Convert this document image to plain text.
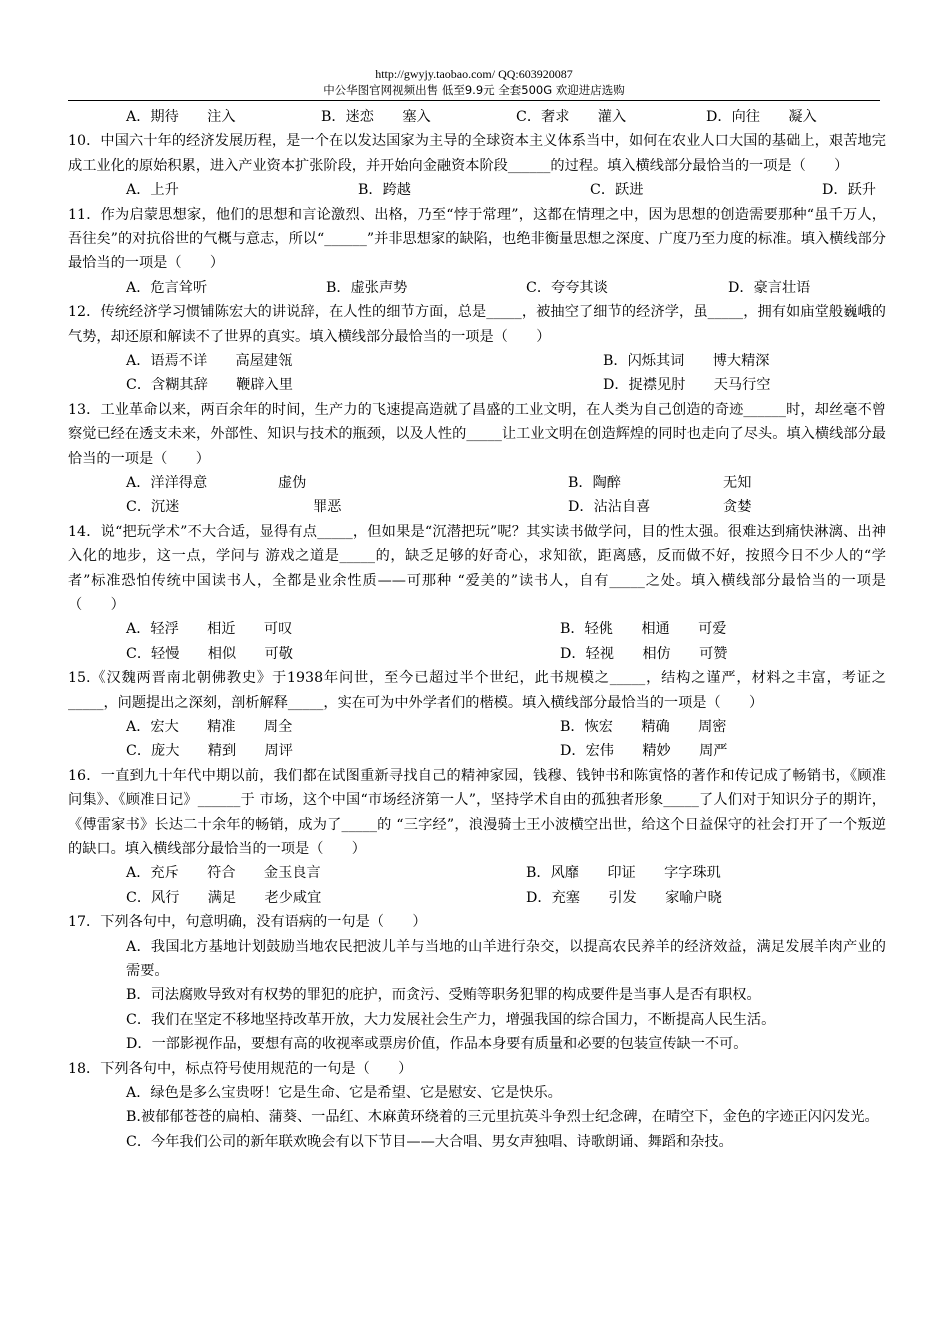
http://gwyjy.taobao.com/ QQ:603920087
中公华图官网视频出售 低至9.9元 全套500G 欢迎进店选购
A．期待　　注入	B．迷恋　　塞入	C．奢求　　灌入	D．向往　　凝入

10．中国六十年的经济发展历程，是一个在以发达国家为主导的全球资本主义体系当中，如何在农业人口大国的基础上，艰苦地完成工业化的原始积累，进入产业资本扩张阶段，并开始向金融资本阶段______的过程。填入横线部分最恰当的一项是（　　）

A．上升	B．跨越	C．跃进	D．跃升

11．作为启蒙思想家，他们的思想和言论激烈、出格，乃至“悖于常理”，这都在情理之中，因为思想的创造需要那种“虽千万人，吾往矣”的对抗俗世的气概与意志，所以“______”并非思想家的缺陷，也绝非衡量思想之深度、广度乃至力度的标准。填入横线部分最恰当的一项是（　　）

A．危言耸听	B．虚张声势	C．夸夸其谈	D．豪言壮语

12．传统经济学习惯铺陈宏大的讲说辞，在人性的细节方面，总是_____，被抽空了细节的经济学，虽_____，拥有如庙堂般巍峨的气势，却还原和解读不了世界的真实。填入横线部分最恰当的一项是（　　）

A．语焉不详　　高屋建瓴	B．闪烁其词　　博大精深
C．含糊其辞　　鞭辟入里	D．捉襟见肘　　天马行空

13．工业革命以来，两百余年的时间，生产力的飞速提高造就了昌盛的工业文明，在人类为自己创造的奇迹______时，却丝毫不曾察觉已经在透支未来，外部性、知识与技术的瓶颈，以及人性的_____让工业文明在创造辉煌的同时也走向了尽头。填入横线部分最恰当的一项是（　　）

A．洋洋得意	虚伪	B．陶醉	无知
C．沉迷	罪恶	D．沾沾自喜	贪婪

14．说“把玩学术”不大合适，显得有点_____，但如果是“沉潜把玩”呢？其实读书做学问，目的性太强。很难达到痛快淋漓、出神入化的地步，这一点，学问与 游戏之道是_____的，缺乏足够的好奇心，求知欲，距离感，反而做不好，按照今日不少人的“学者”标准恐怕传统中国读书人，全都是业余性质——可那种 “爱美的”读书人，自有_____之处。填入横线部分最恰当的一项是（　　）

A．轻浮　　相近　　可叹	B．轻佻　　相通　　可爱
C．轻慢　　相似　　可敬	D．轻视　　相仿　　可赞

15.《汉魏两晋南北朝佛教史》于1938年问世，至今已超过半个世纪，此书规模之_____，结构之谨严，材料之丰富，考证之_____，问题提出之深刻，剖析解释_____，实在可为中外学者们的楷模。填入横线部分最恰当的一项是（　　）

A．宏大　　精准　　周全	B．恢宏　　精确　　周密
C．庞大　　精到　　周评	D．宏伟　　精妙　　周严

16．一直到九十年代中期以前，我们都在试图重新寻找自己的精神家园，钱穆、钱钟书和陈寅恪的著作和传记成了畅销书，《顾准问集》、《顾准日记》______于 市场，这个中国“市场经济第一人”，坚持学术自由的孤独者形象_____了人们对于知识分子的期许，《傅雷家书》长达二十余年的畅销，成为了_____的 “三字经”，浪漫骑士王小波横空出世，给这个日益保守的社会打开了一个叛逆的缺口。填入横线部分最恰当的一项是（　　）

A．充斥　　符合　　金玉良言	B．风靡　　印证　　字字珠玑
C．风行　　满足　　老少咸宜	D．充塞　　引发　　家喻户晓

17．下列各句中，句意明确，没有语病的一句是（　　）

A．我国北方基地计划鼓励当地农民把波儿羊与当地的山羊进行杂交，以提高农民养羊的经济效益，满足发展羊肉产业的需要。

B．司法腐败导致对有权势的罪犯的庇护，而贪污、受贿等职务犯罪的构成要件是当事人是否有职权。

C．我们在坚定不移地坚持改革开放，大力发展社会生产力，增强我国的综合国力，不断提高人民生活。

D．一部影视作品，要想有高的收视率或票房价值，作品本身要有质量和必要的包装宣传缺一不可。

18．下列各句中，标点符号使用规范的一句是（　　）

A．绿色是多么宝贵呀！它是生命、它是希望、它是慰安、它是快乐。

B.被郁郁苍苍的扁柏、蒲葵、一品红、木麻黄环绕着的三元里抗英斗争烈士纪念碑，在晴空下，金色的字迹正闪闪发光。

C．今年我们公司的新年联欢晚会有以下节目——大合唱、男女声独唱、诗歌朗诵、舞蹈和杂技。
